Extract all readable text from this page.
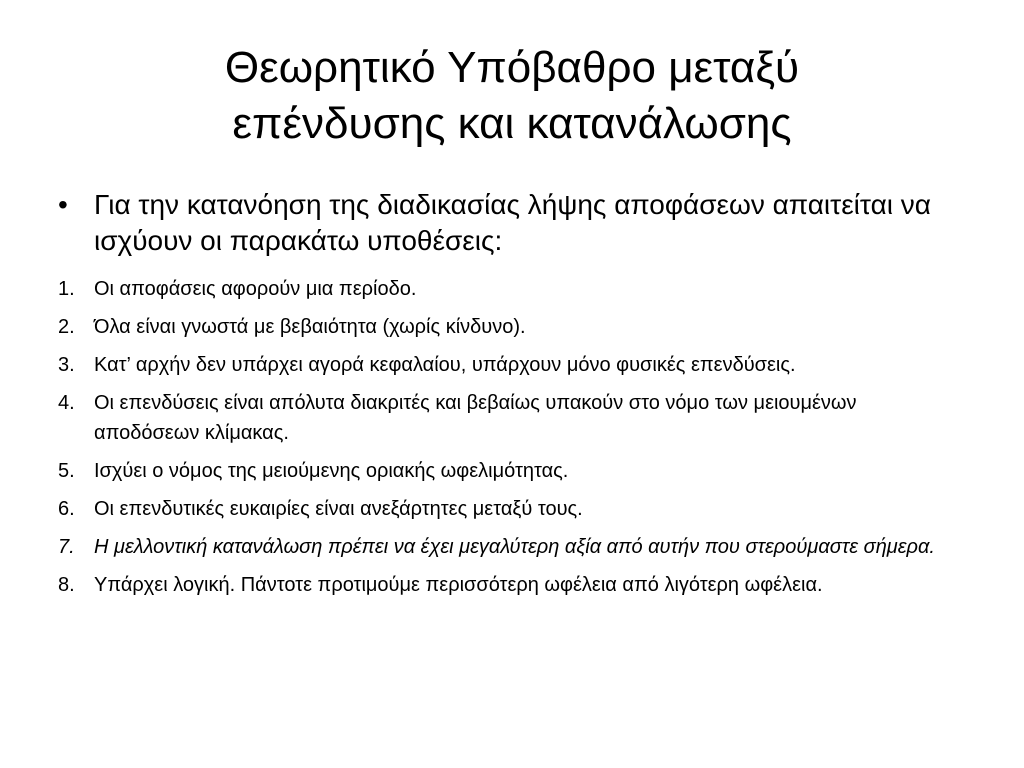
Θεωρητικό Υπόβαθρο μεταξύ
επένδυσης και κατανάλωσης
• Για την κατανόηση της διαδικασίας λήψης αποφάσεων απαιτείται να ισχύουν οι παρακάτω υποθέσεις:
1. Οι αποφάσεις αφορούν μια περίοδο.
2. Όλα είναι γνωστά με βεβαιότητα (χωρίς κίνδυνο).
3. Κατ’ αρχήν δεν υπάρχει αγορά κεφαλαίου, υπάρχουν μόνο φυσικές επενδύσεις.
4. Οι επενδύσεις είναι απόλυτα διακριτές και βεβαίως υπακούν στο νόμο των μειουμένων αποδόσεων κλίμακας.
5. Ισχύει ο νόμος της μειούμενης οριακής ωφελιμότητας.
6. Οι επενδυτικές ευκαιρίες είναι ανεξάρτητες μεταξύ τους.
7. Η μελλοντική κατανάλωση πρέπει να έχει μεγαλύτερη αξία από αυτήν που στερούμαστε σήμερα.
8. Υπάρχει λογική. Πάντοτε προτιμούμε περισσότερη ωφέλεια από λιγότερη ωφέλεια.
